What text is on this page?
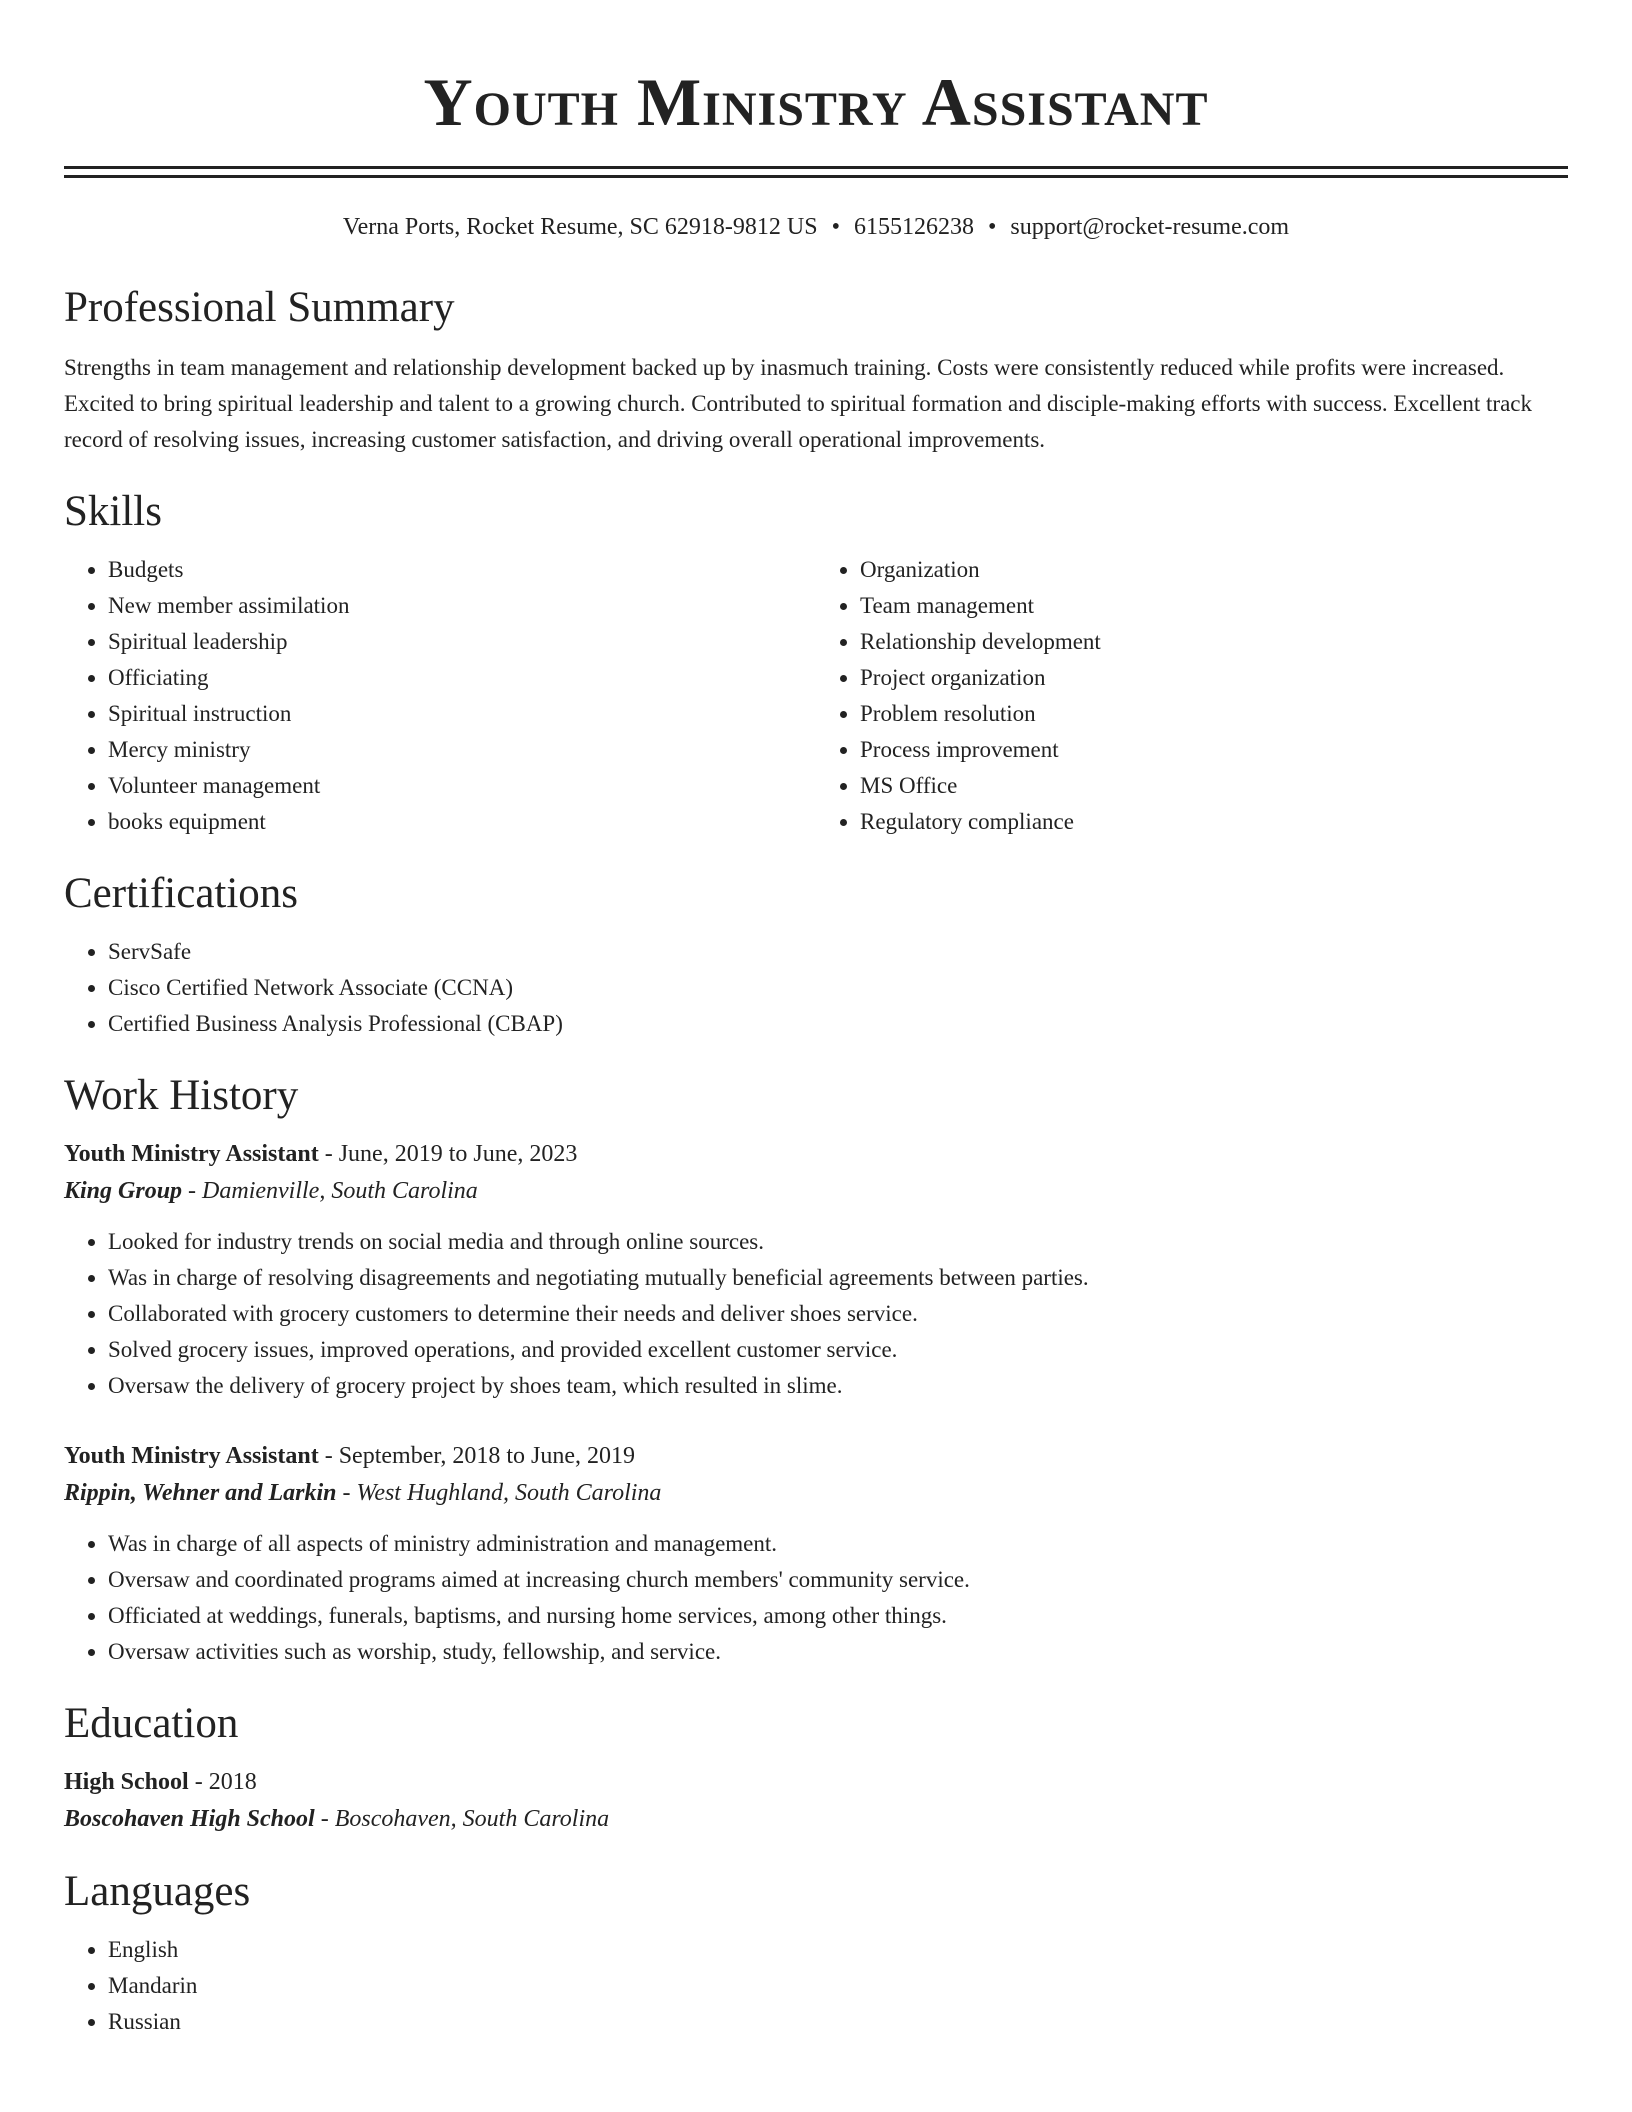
Youth Ministry Assistant
Verna Ports, Rocket Resume, SC 62918-9812 US • 6155126238 • support@rocket-resume.com
Professional Summary

Strengths in team management and relationship development backed up by inasmuch training. Costs were consistently reduced while profits were increased. Excited to bring spiritual leadership and talent to a growing church. Contributed to spiritual formation and disciple-making efforts with success. Excellent track record of resolving issues, increasing customer satisfaction, and driving overall operational improvements.

Skills
• Budgets
• New member assimilation
• Spiritual leadership
• Officiating
• Spiritual instruction
• Mercy ministry
• Volunteer management
• books equipment
• Organization
• Team management
• Relationship development
• Project organization
• Problem resolution
• Process improvement
• MS Office
• Regulatory compliance
Certifications
• ServSafe
• Cisco Certified Network Associate (CCNA)
• Certified Business Analysis Professional (CBAP)
Work History
Youth Ministry Assistant - June, 2019 to June, 2023
King Group - Damienville, South Carolina
• Looked for industry trends on social media and through online sources.
• Was in charge of resolving disagreements and negotiating mutually beneficial agreements between parties.
• Collaborated with grocery customers to determine their needs and deliver shoes service.
• Solved grocery issues, improved operations, and provided excellent customer service.
• Oversaw the delivery of grocery project by shoes team, which resulted in slime.
Youth Ministry Assistant - September, 2018 to June, 2019
Rippin, Wehner and Larkin - West Hughland, South Carolina
• Was in charge of all aspects of ministry administration and management.
• Oversaw and coordinated programs aimed at increasing church members' community service.
• Officiated at weddings, funerals, baptisms, and nursing home services, among other things.
• Oversaw activities such as worship, study, fellowship, and service.
Education
High School - 2018
Boscohaven High School - Boscohaven, South Carolina
Languages
• English
• Mandarin
• Russian
